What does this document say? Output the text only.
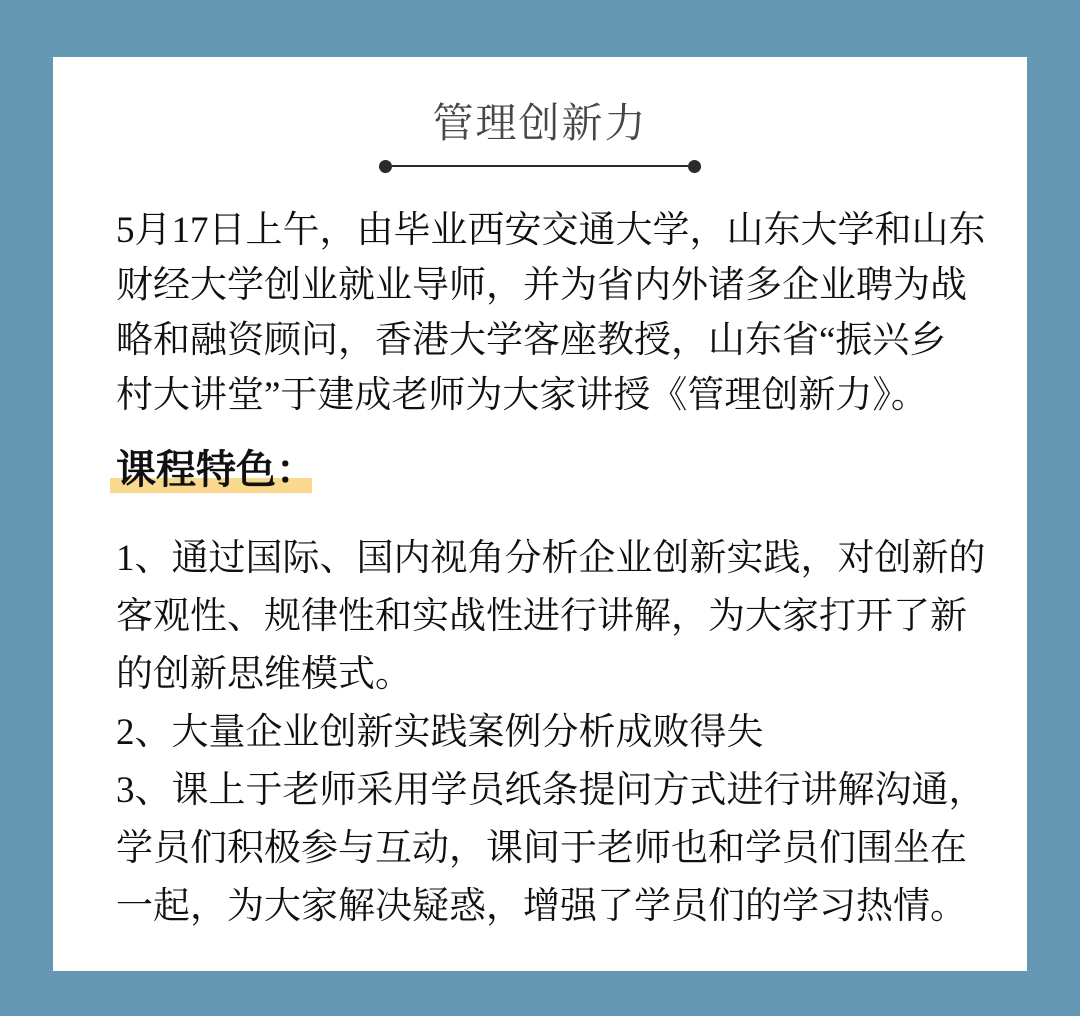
管理创新力
5月17日上午，由毕业西安交通大学，山东大学和山东
财经大学创业就业导师，并为省内外诸多企业聘为战
略和融资顾问，香港大学客座教授，山东省“振兴乡
村大讲堂”于建成老师为大家讲授《管理创新力》。
课程特色：
1、通过国际、国内视角分析企业创新实践，对创新的
客观性、规律性和实战性进行讲解，为大家打开了新
的创新思维模式。
2、大量企业创新实践案例分析成败得失
3、课上于老师采用学员纸条提问方式进行讲解沟通，
学员们积极参与互动，课间于老师也和学员们围坐在
一起，为大家解决疑惑，增强了学员们的学习热情。
